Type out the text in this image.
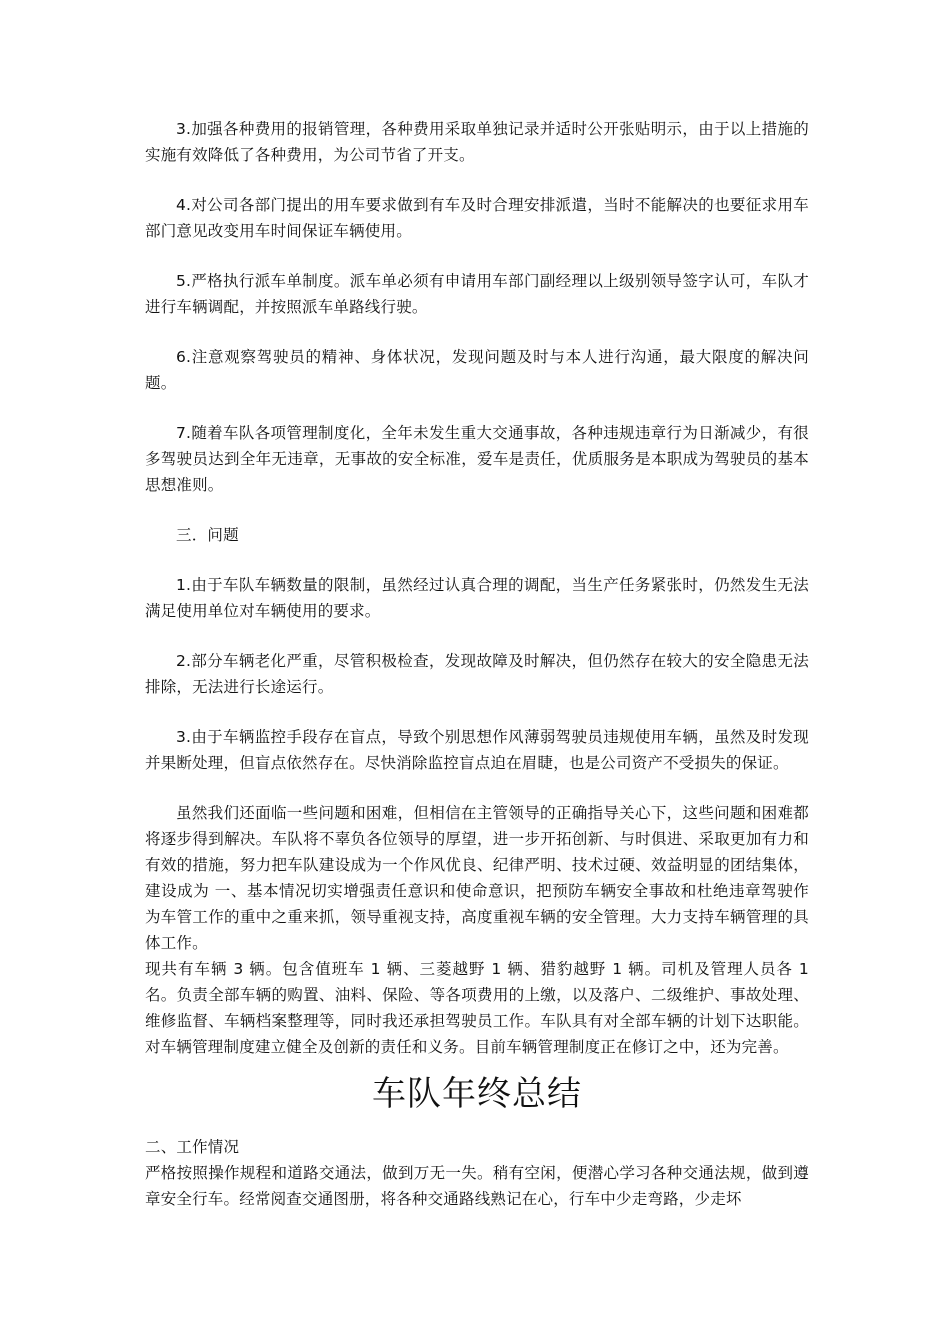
3.加强各种费用的报销管理，各种费用采取单独记录并适时公开张贴明示，由于以上措施的实施有效降低了各种费用，为公司节省了开支。

4.对公司各部门提出的用车要求做到有车及时合理安排派遣，当时不能解决的也要征求用车部门意见改变用车时间保证车辆使用。

5.严格执行派车单制度。派车单必须有申请用车部门副经理以上级别领导签字认可，车队才进行车辆调配，并按照派车单路线行驶。

6.注意观察驾驶员的精神、身体状况，发现问题及时与本人进行沟通，最大限度的解决问题。

7.随着车队各项管理制度化，全年未发生重大交通事故，各种违规违章行为日渐减少，有很多驾驶员达到全年无违章，无事故的安全标准，爱车是责任，优质服务是本职成为驾驶员的基本思想准则。

三．问题

1.由于车队车辆数量的限制，虽然经过认真合理的调配，当生产任务紧张时，仍然发生无法满足使用单位对车辆使用的要求。

2.部分车辆老化严重，尽管积极检查，发现故障及时解决，但仍然存在较大的安全隐患无法排除，无法进行长途运行。

3.由于车辆监控手段存在盲点，导致个别思想作风薄弱驾驶员违规使用车辆，虽然及时发现并果断处理，但盲点依然存在。尽快消除监控盲点迫在眉睫，也是公司资产不受损失的保证。

虽然我们还面临一些问题和困难，但相信在主管领导的正确指导关心下，这些问题和困难都将逐步得到解决。车队将不辜负各位领导的厚望，进一步开拓创新、与时俱进、采取更加有力和有效的措施，努力把车队建设成为一个作风优良、纪律严明、技术过硬、效益明显的团结集体，建设成为 一、基本情况切实增强责任意识和使命意识，把预防车辆安全事故和杜绝违章驾驶作为车管工作的重中之重来抓，领导重视支持，高度重视车辆的安全管理。大力支持车辆管理的具体工作。

现共有车辆 3 辆。包含值班车 1 辆、三菱越野 1 辆、猎豹越野 1 辆。司机及管理人员各 1 名。负责全部车辆的购置、油料、保险、等各项费用的上缴，以及落户、二级维护、事故处理、维修监督、车辆档案整理等，同时我还承担驾驶员工作。车队具有对全部车辆的计划下达职能。对车辆管理制度建立健全及创新的责任和义务。目前车辆管理制度正在修订之中，还为完善。

车队年终总结

二、工作情况

严格按照操作规程和道路交通法，做到万无一失。稍有空闲，便潜心学习各种交通法规，做到遵章安全行车。经常阅查交通图册，将各种交通路线熟记在心，行车中少走弯路，少走坏
